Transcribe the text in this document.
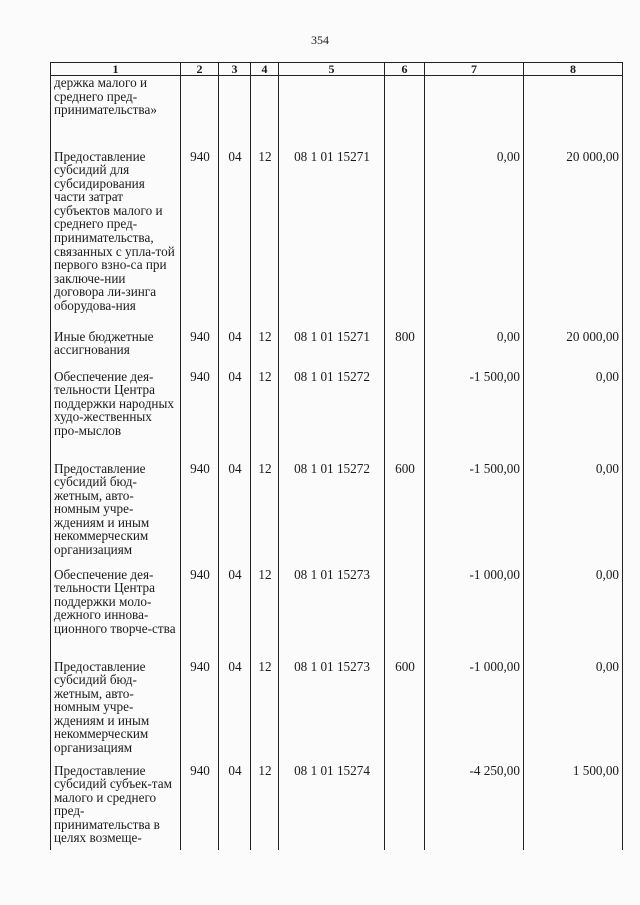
354
1	2	3	4	5	6	7	8
держка малого и среднего пред-принимательства»							
Предоставление субсидий для субсидирования части затрат субъектов малого и среднего пред-принимательства, связанных с упла-той первого взно-са при заключе-нии договора ли-зинга оборудова-ния	940	04	12	08 1 01 15271		0,00	20 000,00
Иные бюджетные ассигнования	940	04	12	08 1 01 15271	800	0,00	20 000,00
Обеспечение дея-тельности Центра поддержки народных худо-жественных про-мыслов	940	04	12	08 1 01 15272		-1 500,00	0,00
Предоставление субсидий бюд-жетным, авто-номным учре-ждениям и иным некоммерческим организациям	940	04	12	08 1 01 15272	600	-1 500,00	0,00
Обеспечение дея-тельности Центра поддержки моло-дежного иннова-ционного творче-ства	940	04	12	08 1 01 15273		-1 000,00	0,00
Предоставление субсидий бюд-жетным, авто-номным учре-ждениям и иным некоммерческим организациям	940	04	12	08 1 01 15273	600	-1 000,00	0,00
Предоставление субсидий субъек-там малого и среднего пред-принимательства в целях возмеще-	940	04	12	08 1 01 15274		-4 250,00	1 500,00
